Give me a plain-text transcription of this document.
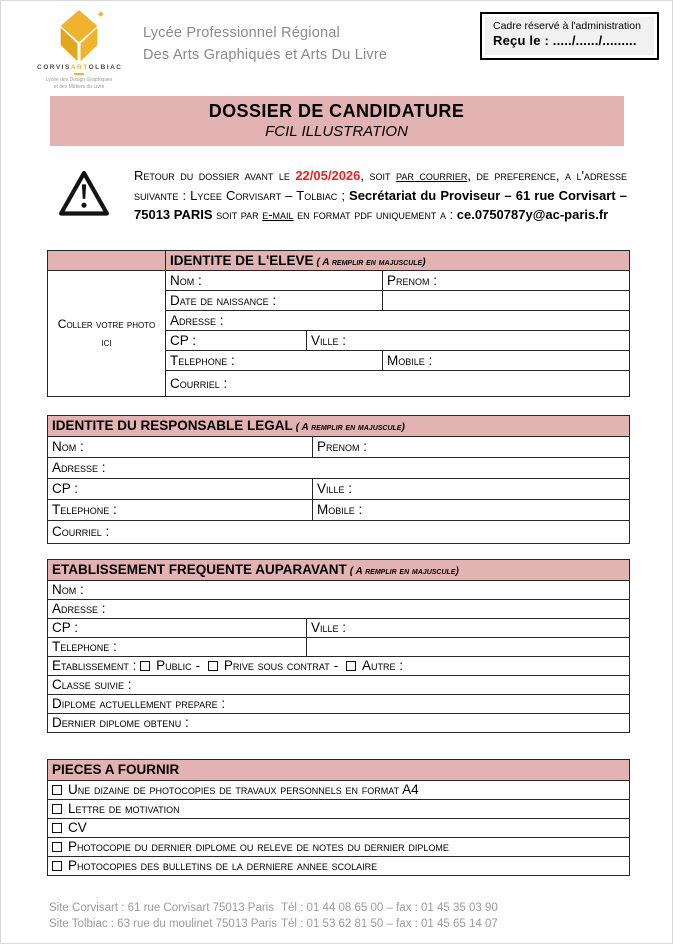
CORVISARTOLBIAC
Lycée des Design Graphiques
et des Métiers du Livre
Lycée Professionnel Régional
Des Arts Graphiques et Arts Du Livre
Cadre réservé à l'administration
Reçu le : ...../....../.........
DOSSIER DE CANDIDATURE
FCIL ILLUSTRATION
Retour du dossier avant le 22/05/2026, soit par courrier, de preference, a l'adresse suivante : Lycee Corvisart – Tolbiac ; Secrétariat du Proviseur – 61 rue Corvisart – 75013 PARIS soit par e-mail en format pdf uniquement a : ce.0750787y@ac-paris.fr
	IDENTITE DE L'ELEVE ( A remplir en majuscule)		
Coller votre photo ici	Nom :		Prenom :
	Date de naissance :		
	Adresse :		
	CP :	Ville :	
	Telephone :		Mobile :
	Courriel :		
IDENTITE DU RESPONSABLE LEGAL ( A remplir en majuscule)	
Nom :	Prenom :
Adresse :	
CP :	Ville :
Telephone :	Mobile :
Courriel :	
ETABLISSEMENT FREQUENTE AUPARAVANT ( A remplir en majuscule)	
Nom :	
Adresse :	
CP :	Ville :
Telephone :	
Etablissement : Public - Prive sous contrat - Autre :	
Classe suivie :	
Diplome actuellement prepare :	
Dernier diplome obtenu :	
PIECES A FOURNIR
Une dizaine de photocopies de travaux personnels en format A4
Lettre de motivation
CV
Photocopie du dernier diplome ou releve de notes du dernier diplome
Photocopies des bulletins de la derniere annee scolaire
Site Corvisart : 61 rue Corvisart 75013 Paris Tél : 01 44 08 65 00 – fax : 01 45 35 03 90
Site Tolbiac : 63 rue du moulinet 75013 Paris Tél : 01 53 62 81 50 – fax : 01 45 65 14 07
